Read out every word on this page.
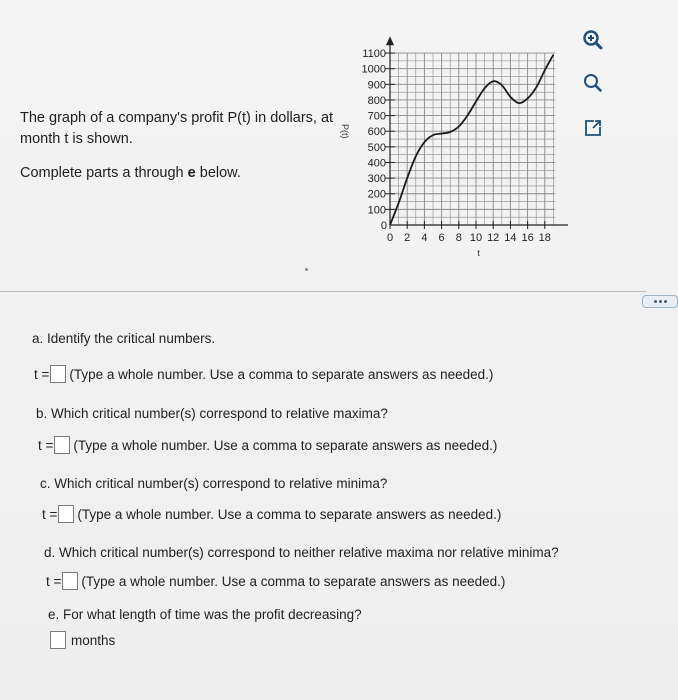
The graph of a company's profit P(t) in dollars, at month t is shown.

Complete parts a through e below.

100
200
300
400
500
600
700
800
900
1000
1100
0
0 2 4 6 8 10 12 14 16 18
t
P(t)
a. Identify the critical numbers.
t = (Type a whole number. Use a comma to separate answers as needed.)
b. Which critical number(s) correspond to relative maxima?
t = (Type a whole number. Use a comma to separate answers as needed.)
c. Which critical number(s) correspond to relative minima?
t = (Type a whole number. Use a comma to separate answers as needed.)
d. Which critical number(s) correspond to neither relative maxima nor relative minima?
t = (Type a whole number. Use a comma to separate answers as needed.)
e. For what length of time was the profit decreasing?
months
